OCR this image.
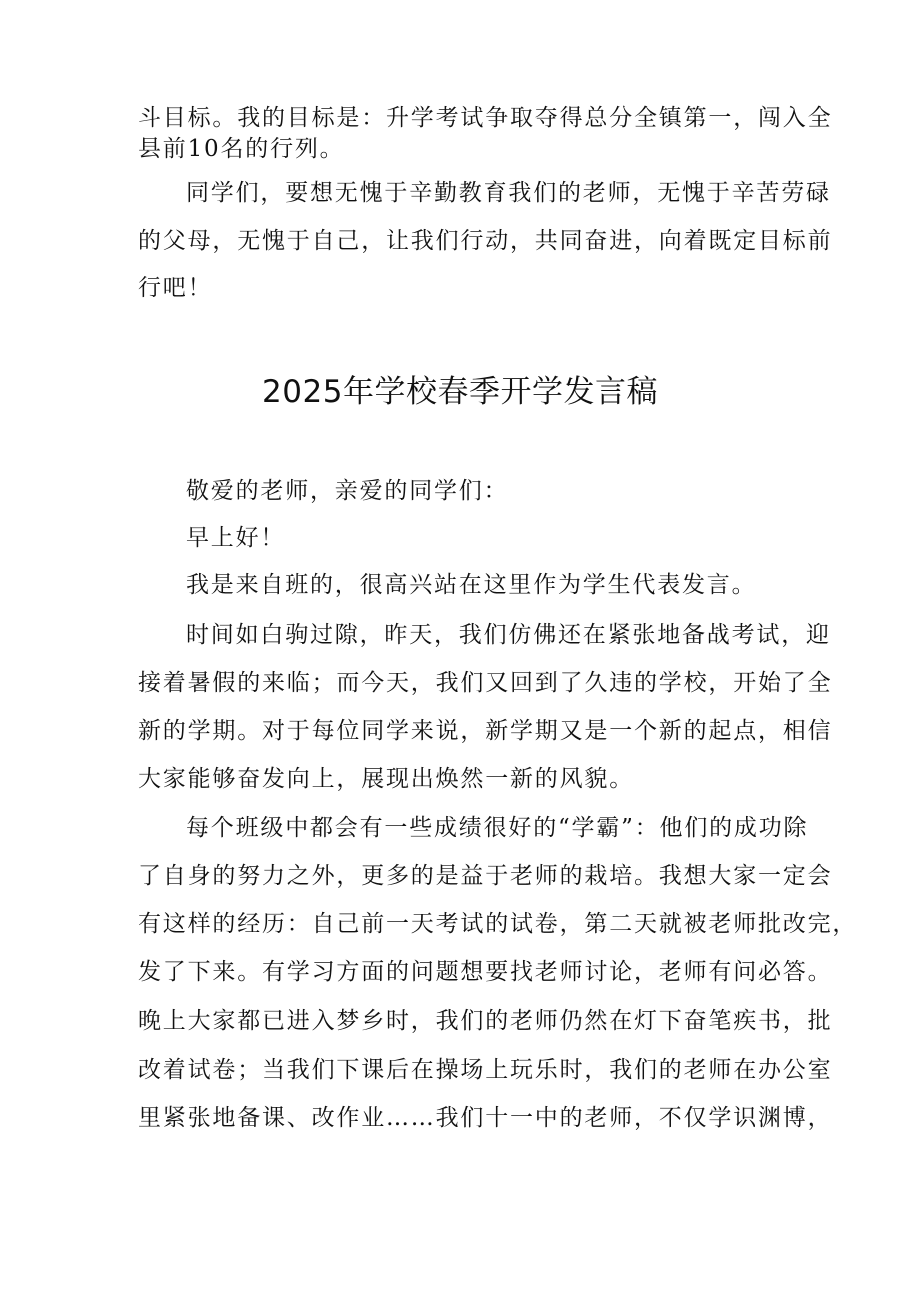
斗目标。我的目标是：升学考试争取夺得总分全镇第一，闯入全
县前10名的行列。
同学们，要想无愧于辛勤教育我们的老师，无愧于辛苦劳碌
的父母，无愧于自己，让我们行动，共同奋进，向着既定目标前
行吧！
2025年学校春季开学发言稿
敬爱的老师，亲爱的同学们：
早上好！
我是来自班的，很高兴站在这里作为学生代表发言。
时间如白驹过隙，昨天，我们仿佛还在紧张地备战考试，迎
接着暑假的来临；而今天，我们又回到了久违的学校，开始了全
新的学期。对于每位同学来说，新学期又是一个新的起点，相信
大家能够奋发向上，展现出焕然一新的风貌。
每个班级中都会有一些成绩很好的“学霸”：他们的成功除
了自身的努力之外，更多的是益于老师的栽培。我想大家一定会
有这样的经历：自己前一天考试的试卷，第二天就被老师批改完，
发了下来。有学习方面的问题想要找老师讨论，老师有问必答。
晚上大家都已进入梦乡时，我们的老师仍然在灯下奋笔疾书，批
改着试卷；当我们下课后在操场上玩乐时，我们的老师在办公室
里紧张地备课、改作业……我们十一中的老师，不仅学识渊博，
